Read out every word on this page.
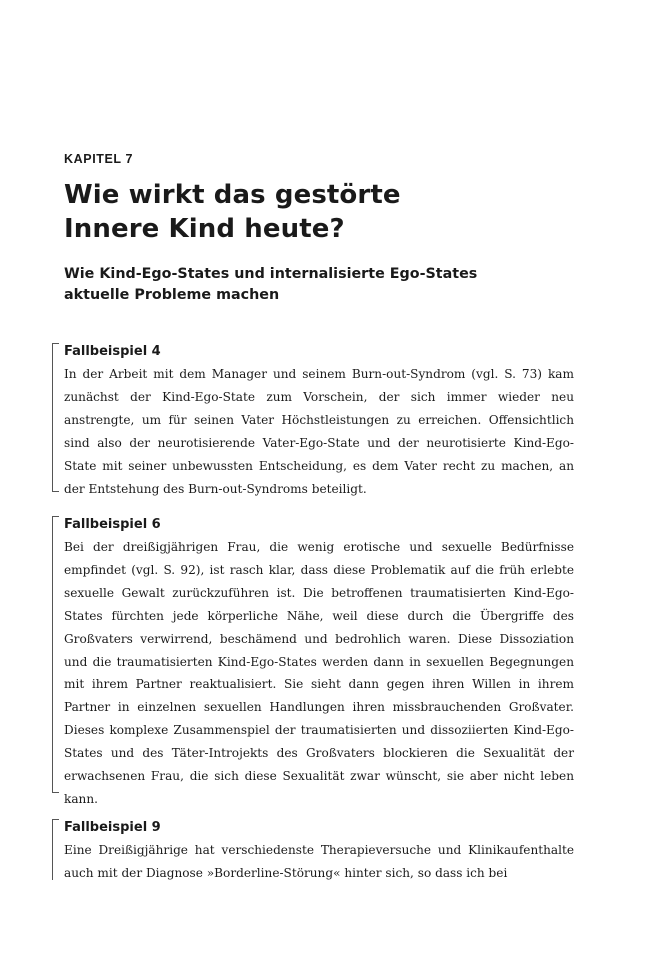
KAPITEL 7
Wie wirkt das gestörte
Innere Kind heute?
Wie Kind-Ego-States und internalisierte Ego-States
aktuelle Probleme machen
Fallbeispiel 4

In der Arbeit mit dem Manager und seinem Burn-out-Syndrom (vgl. S. 73) kam zunächst der Kind-Ego-State zum Vorschein, der sich immer wieder neu anstrengte, um für seinen Vater Höchstleistungen zu erreichen. Offensichtlich sind also der neurotisierende Vater-Ego-State und der neurotisierte Kind-Ego-State mit seiner unbewussten Entscheidung, es dem Vater recht zu machen, an der Entstehung des Burn-out-Syndroms beteiligt.

Fallbeispiel 6

Bei der dreißigjährigen Frau, die wenig erotische und sexuelle Bedürfnisse empfindet (vgl. S. 92), ist rasch klar, dass diese Problematik auf die früh erlebte sexuelle Gewalt zurückzuführen ist. Die betroffenen traumatisierten Kind-Ego-States fürchten jede körperliche Nähe, weil diese durch die Übergriffe des Großvaters verwirrend, beschämend und bedrohlich waren. Diese Dissoziation und die traumatisierten Kind-Ego-States werden dann in sexuellen Begegnungen mit ihrem Partner reaktualisiert. Sie sieht dann gegen ihren Willen in ihrem Partner in einzelnen sexuellen Handlungen ihren missbrauchenden Großvater. Dieses komplexe Zusammenspiel der traumatisierten und dissoziierten Kind-Ego-States und des Täter-Introjekts des Großvaters blockieren die Sexualität der erwachsenen Frau, die sich diese Sexualität zwar wünscht, sie aber nicht leben kann.

Fallbeispiel 9

Eine Dreißigjährige hat verschiedenste Therapieversuche und Klinikaufenthalte auch mit der Diagnose »Borderline-Störung« hinter sich, so dass ich bei
